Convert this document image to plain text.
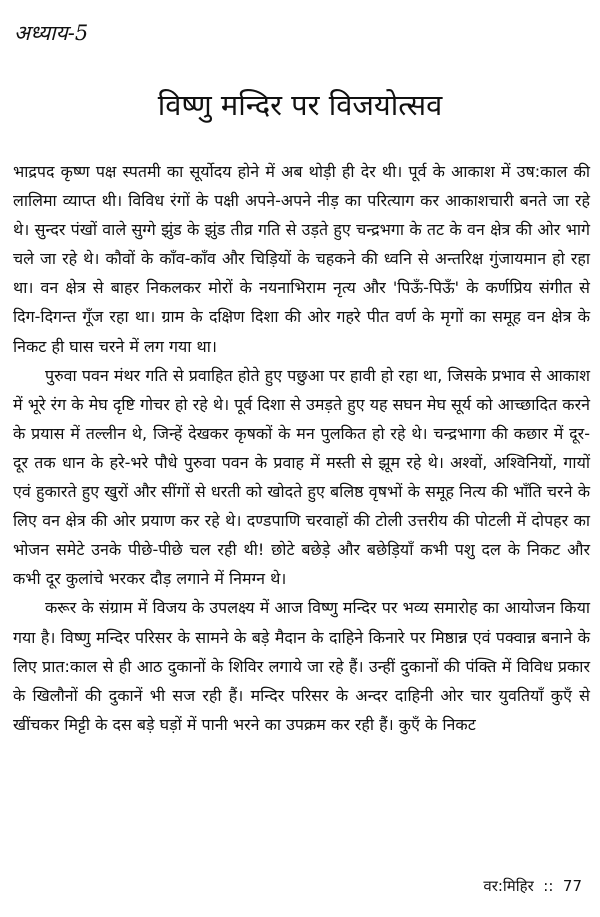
अध्याय-5
विष्णु मन्दिर पर विजयोत्सव

भाद्रपद कृष्ण पक्ष स्पतमी का सूर्योदय होने में अब थोड़ी ही देर थी। पूर्व के आकाश में उष:काल की लालिमा व्याप्त थी। विविध रंगों के पक्षी अपने-अपने नीड़ का परित्याग कर आकाशचारी बनते जा रहे थे। सुन्दर पंखों वाले सुग्गे झुंड के झुंड तीव्र गति से उड़ते हुए चन्द्रभगा के तट के वन क्षेत्र की ओर भागे चले जा रहे थे। कौवों के काँव-काँव और चिड़ियों के चहकने की ध्वनि से अन्तरिक्ष गुंजायमान हो रहा था। वन क्षेत्र से बाहर निकलकर मोरों के नयनाभिराम नृत्य और 'पिऊँ-पिऊँ' के कर्णप्रिय संगीत से दिग-दिगन्त गूँज रहा था। ग्राम के दक्षिण दिशा की ओर गहरे पीत वर्ण के मृगों का समूह वन क्षेत्र के निकट ही घास चरने में लग गया था।

पुरुवा पवन मंथर गति से प्रवाहित होते हुए पछुआ पर हावी हो रहा था, जिसके प्रभाव से आकाश में भूरे रंग के मेघ दृष्टि गोचर हो रहे थे। पूर्व दिशा से उमड़ते हुए यह सघन मेघ सूर्य को आच्छादित करने के प्रयास में तल्लीन थे, जिन्हें देखकर कृषकों के मन पुलकित हो रहे थे। चन्द्रभागा की कछार में दूर-दूर तक धान के हरे-भरे पौधे पुरुवा पवन के प्रवाह में मस्ती से झूम रहे थे। अश्वों, अश्विनियों, गायों एवं हुकारते हुए खुरों और सींगों से धरती को खोदते हुए बलिष्ठ वृषभों के समूह नित्य की भाँति चरने के लिए वन क्षेत्र की ओर प्रयाण कर रहे थे। दण्डपाणि चरवाहों की टोली उत्तरीय की पोटली में दोपहर का भोजन समेटे उनके पीछे-पीछे चल रही थी! छोटे बछेड़े और बछेड़ियाँ कभी पशु दल के निकट और कभी दूर कुलांचे भरकर दौड़ लगाने में निमग्न थे।

करूर के संग्राम में विजय के उपलक्ष्य में आज विष्णु मन्दिर पर भव्य समारोह का आयोजन किया गया है। विष्णु मन्दिर परिसर के सामने के बड़े मैदान के दाहिने किनारे पर मिष्ठान्न एवं पक्वान्न बनाने के लिए प्रात:काल से ही आठ दुकानों के शिविर लगाये जा रहे हैं। उन्हीं दुकानों की पंक्ति में विविध प्रकार के खिलौनों की दुकानें भी सज रही हैं। मन्दिर परिसर के अन्दर दाहिनी ओर चार युवतियाँ कुएँ से खींचकर मिट्टी के दस बड़े घड़ों में पानी भरने का उपक्रम कर रही हैं। कुएँ के निकट

वर:मिहिर  ::  77
